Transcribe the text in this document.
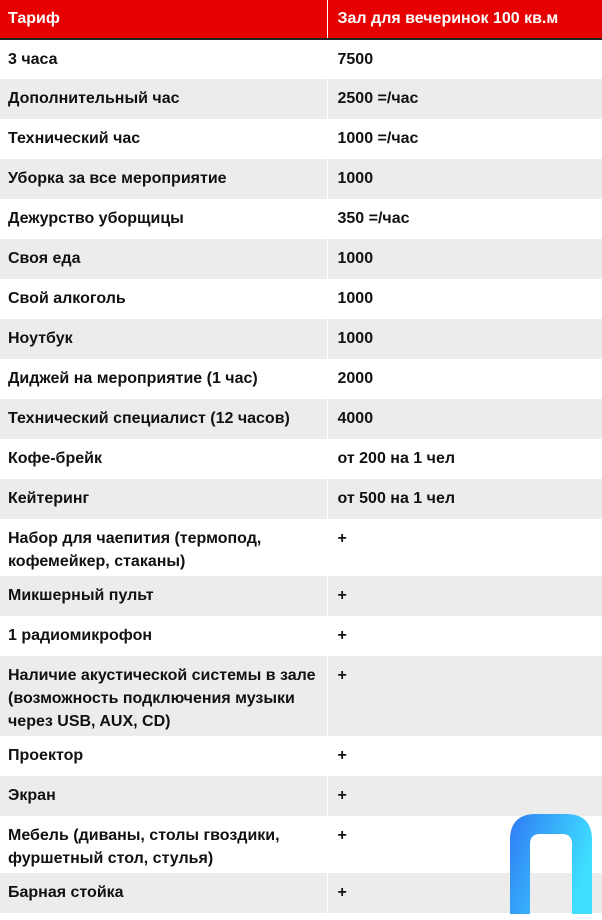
Тариф	Зал для вечеринок 100 кв.м
3 часа	7500
Дополнительный час	2500 =/час
Технический час	1000 =/час
Уборка за все мероприятие	1000
Дежурство уборщицы	350 =/час
Своя еда	1000
Свой алкоголь	1000
Ноутбук	1000
Диджей на мероприятие (1 час)	2000
Технический специалист (12 часов)	4000
Кофе-брейк	от 200 на 1 чел
Кейтеринг	от 500 на 1 чел
Набор для чаепития (термопод, кофемейкер, стаканы)	+
Микшерный пульт	+
1 радиомикрофон	+
Наличие акустической системы в зале (возможность подключения музыки через USB, AUX, CD)	+
Проектор	+
Экран	+
Мебель (диваны, столы гвоздики, фуршетный стол, стулья)	+
Барная стойка	+
